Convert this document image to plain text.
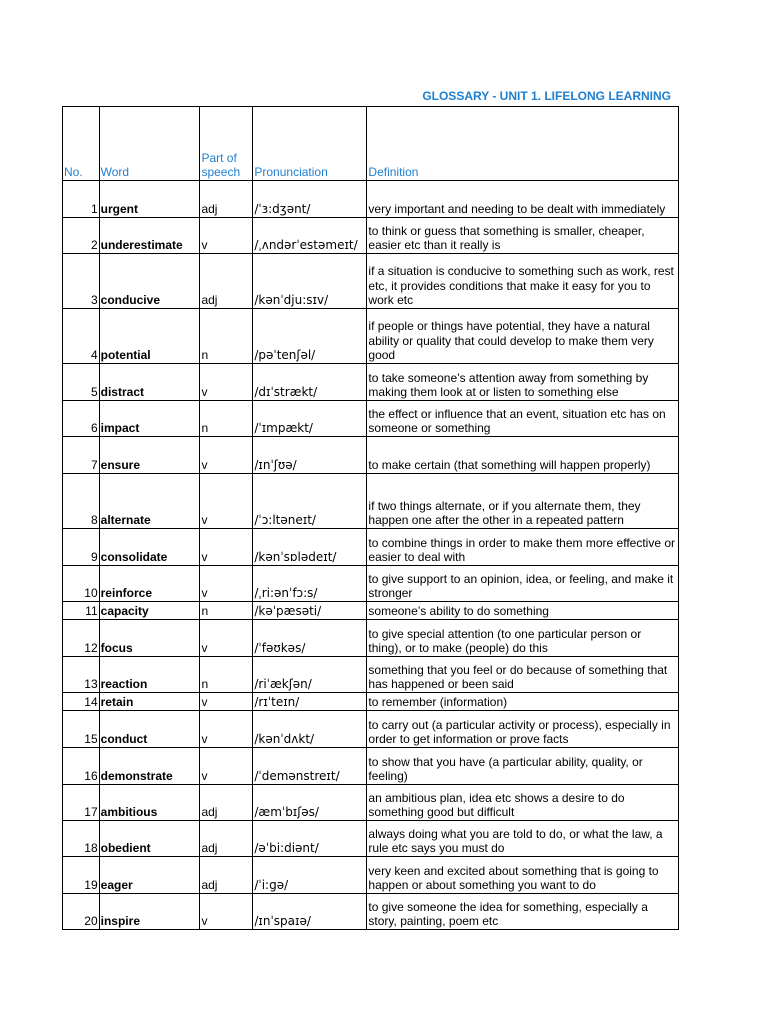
GLOSSARY - UNIT 1. LIFELONG LEARNING
No.	Word	Part of speech	Pronunciation	Definition
1	urgent	adj	/ˈɜ:dʒənt/	very important and needing to be dealt with immediately
2	underestimate	v	/ˌʌndərˈestəmeɪt/	to think or guess that something is smaller, cheaper, easier etc than it really is
3	conducive	adj	/kənˈdju:sɪv/	if a situation is conducive to something such as work, rest etc, it provides conditions that make it easy for you to work etc
4	potential	n	/pəˈtenʃəl/	if people or things have potential, they have a natural ability or quality that could develop to make them very good
5	distract	v	/dɪˈstrækt/	to take someone’s attention away from something by making them look at or listen to something else
6	impact	n	/ˈɪmpækt/	the effect or influence that an event, situation etc has on someone or something
7	ensure	v	/ɪnˈʃʊə/	to make certain (that something will happen properly)
8	alternate	v	/ˈɔ:ltəneɪt/	if two things alternate, or if you alternate them, they happen one after the other in a repeated pattern
9	consolidate	v	/kənˈsɒlədeɪt/	to combine things in order to make them more effective or easier to deal with
10	reinforce	v	/ˌri:ənˈfɔ:s/	to give support to an opinion, idea, or feeling, and make it stronger
11	capacity	n	/kəˈpæsəti/	someone’s ability to do something
12	focus	v	/ˈfəʊkəs/	to give special attention (to one particular person or thing), or to make (people) do this
13	reaction	n	/riˈækʃən/	something that you feel or do because of something that has happened or been said
14	retain	v	/rɪˈteɪn/	to remember (information)
15	conduct	v	/kənˈdʌkt/	to carry out (a particular activity or process), especially in order to get information or prove facts
16	demonstrate	v	/ˈdemənstreɪt/	to show that you have (a particular ability, quality, or feeling)
17	ambitious	adj	/æmˈbɪʃəs/	an ambitious plan, idea etc shows a desire to do something good but difficult
18	obedient	adj	/əˈbi:diənt/	always doing what you are told to do, or what the law, a rule etc says you must do
19	eager	adj	/ˈi:gə/	very keen and excited about something that is going to happen or about something you want to do
20	inspire	v	/ɪnˈspaɪə/	to give someone the idea for something, especially a story, painting, poem etc
